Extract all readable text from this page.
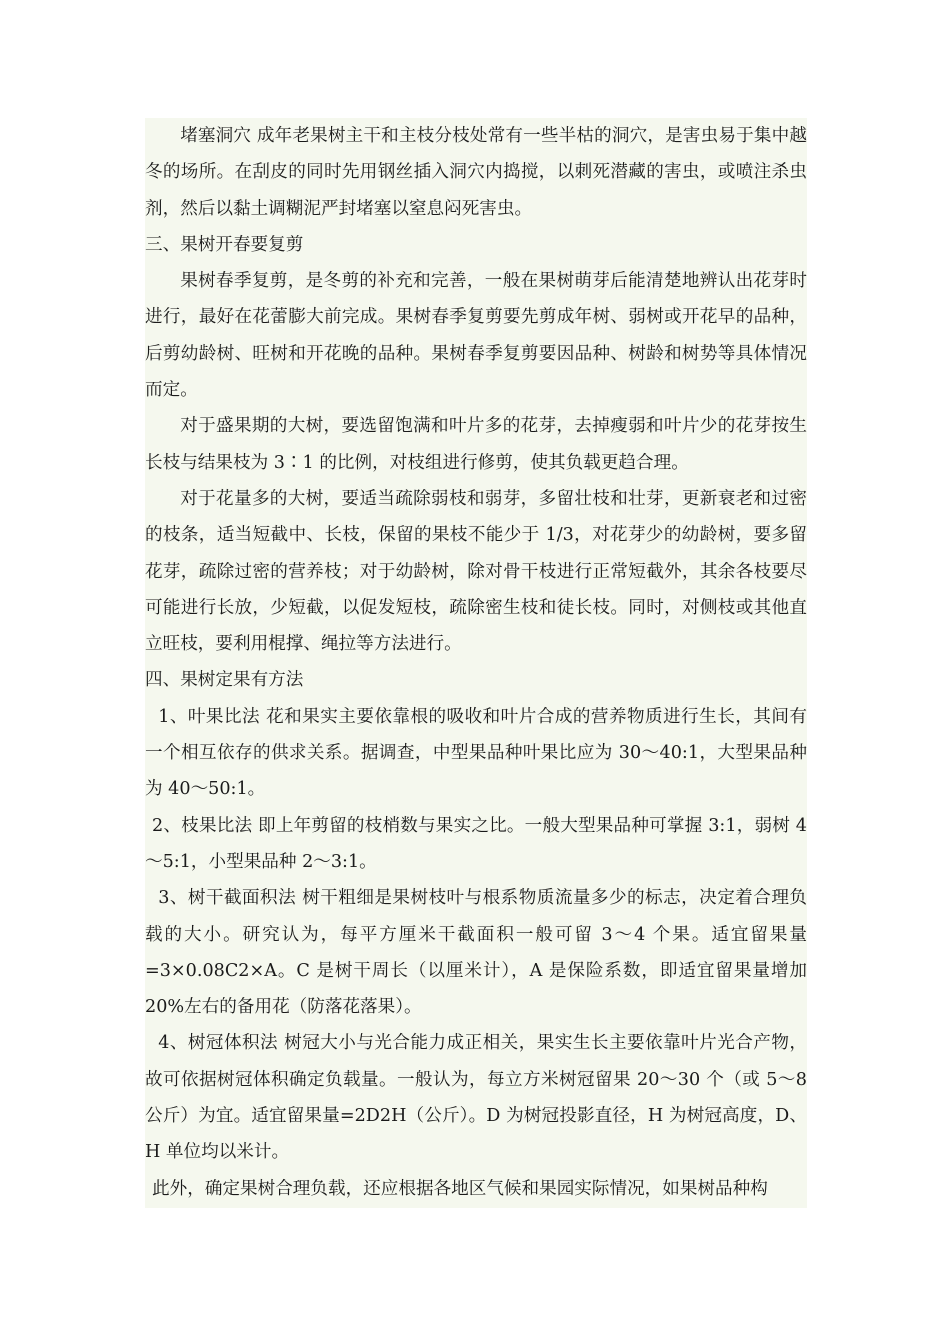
堵塞洞穴 成年老果树主干和主枝分枝处常有一些半枯的洞穴，是害虫易于集中越冬的场所。在刮皮的同时先用钢丝插入洞穴内捣搅，以刺死潜藏的害虫，或喷注杀虫剂，然后以黏土调糊泥严封堵塞以窒息闷死害虫。

三、果树开春要复剪

果树春季复剪，是冬剪的补充和完善，一般在果树萌芽后能清楚地辨认出花芽时进行，最好在花蕾膨大前完成。果树春季复剪要先剪成年树、弱树或开花早的品种，后剪幼龄树、旺树和开花晚的品种。果树春季复剪要因品种、树龄和树势等具体情况而定。

对于盛果期的大树，要选留饱满和叶片多的花芽，去掉瘦弱和叶片少的花芽按生长枝与结果枝为 3∶1 的比例，对枝组进行修剪，使其负载更趋合理。

对于花量多的大树，要适当疏除弱枝和弱芽，多留壮枝和壮芽，更新衰老和过密的枝条，适当短截中、长枝，保留的果枝不能少于 1/3，对花芽少的幼龄树，要多留花芽，疏除过密的营养枝；对于幼龄树，除对骨干枝进行正常短截外，其余各枝要尽可能进行长放，少短截，以促发短枝，疏除密生枝和徒长枝。同时，对侧枝或其他直立旺枝，要利用棍撑、绳拉等方法进行。

四、果树定果有方法

1、叶果比法 花和果实主要依靠根的吸收和叶片合成的营养物质进行生长，其间有一个相互依存的供求关系。据调查，中型果品种叶果比应为 30～40:1，大型果品种为 40～50:1。

2、枝果比法 即上年剪留的枝梢数与果实之比。一般大型果品种可掌握 3:1，弱树 4～5:1，小型果品种 2～3:1。

3、树干截面积法 树干粗细是果树枝叶与根系物质流量多少的标志，决定着合理负载的大小。研究认为，每平方厘米干截面积一般可留 3～4 个果。适宜留果量=3×0.08C2×A。C 是树干周长（以厘米计），A 是保险系数，即适宜留果量增加 20%左右的备用花（防落花落果）。

4、树冠体积法 树冠大小与光合能力成正相关，果实生长主要依靠叶片光合产物，故可依据树冠体积确定负载量。一般认为，每立方米树冠留果 20～30 个（或 5～8 公斤）为宜。适宜留果量=2D2H（公斤）。D 为树冠投影直径，H 为树冠高度，D、H 单位均以米计。

此外，确定果树合理负载，还应根据各地区气候和果园实际情况，如果树品种构
